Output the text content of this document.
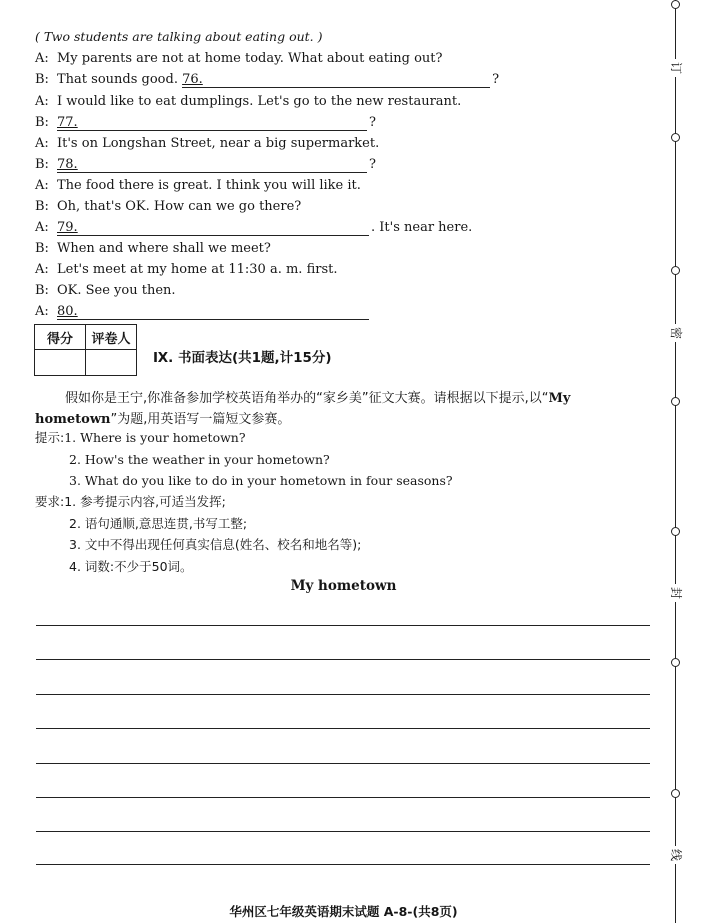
( Two students are talking about eating out. )
A: My parents are not at home today. What about eating out?
B: That sounds good. 76.	?
A: I would like to eat dumplings. Let's go to the new restaurant.
B: 77.	?
A: It's on Longshan Street, near a big supermarket.
B: 78.	?
A: The food there is great. I think you will like it.
B: Oh, that's OK. How can we go there?
A: 79.	. It's near here.
B: When and where shall we meet?
A: Let's meet at my home at 11:30 a. m. first.
B: OK. See you then.
A: 80.
得分	评卷人

Ⅸ. 书面表达(共1题,计15分)
假如你是王宁,你准备参加学校英语角举办的“家乡美”征文大赛。请根据以下提示,以“My hometown”为题,用英语写一篇短文参赛。
提示:1. Where is your hometown?
2. How's the weather in your hometown?
3. What do you like to do in your hometown in four seasons?
要求:1. 参考提示内容,可适当发挥;
2. 语句通顺,意思连贯,书写工整;
3. 文中不得出现任何真实信息(姓名、校名和地名等);
4. 词数:不少于50词。
My hometown
华州区七年级英语期末试题 A-8-(共8页)
订
密
封
线
